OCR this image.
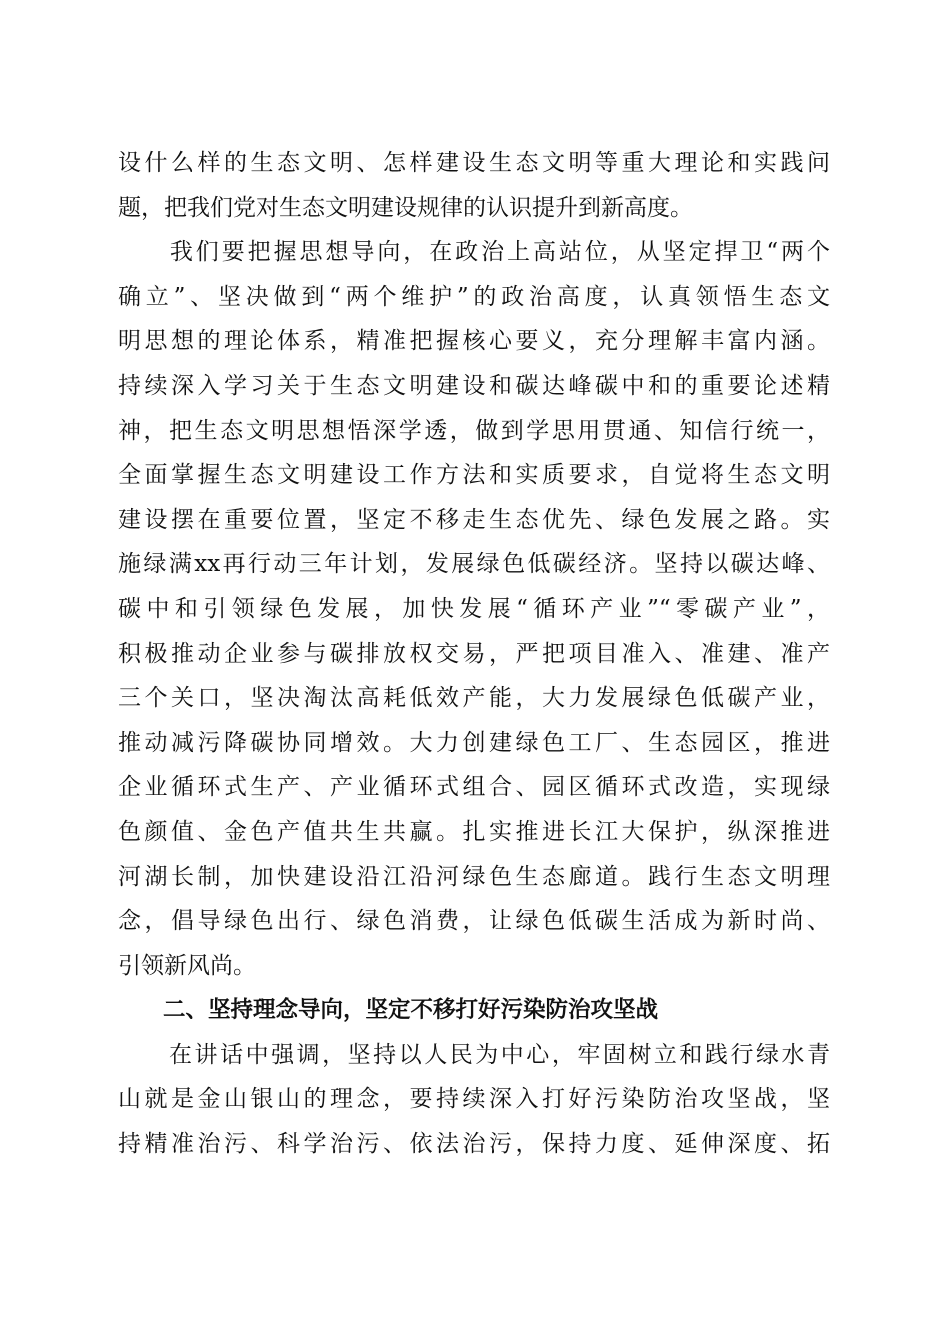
设什么样的生态文明、怎样建设生态文明等重大理论和实践问
题，把我们党对生态文明建设规律的认识提升到新高度。
　　我们要把握思想导向，在政治上高站位，从坚定捍卫“两个
确立”、坚决做到“两个维护”的政治高度，认真领悟生态文
明思想的理论体系，精准把握核心要义，充分理解丰富内涵。
持续深入学习关于生态文明建设和碳达峰碳中和的重要论述精
神，把生态文明思想悟深学透，做到学思用贯通、知信行统一，
全面掌握生态文明建设工作方法和实质要求，自觉将生态文明
建设摆在重要位置，坚定不移走生态优先、绿色发展之路。实
施绿满xx再行动三年计划，发展绿色低碳经济。坚持以碳达峰、
碳中和引领绿色发展，加快发展“循环产业”“零碳产业”，
积极推动企业参与碳排放权交易，严把项目准入、准建、准产
三个关口，坚决淘汰高耗低效产能，大力发展绿色低碳产业，
推动减污降碳协同增效。大力创建绿色工厂、生态园区，推进
企业循环式生产、产业循环式组合、园区循环式改造，实现绿
色颜值、金色产值共生共赢。扎实推进长江大保护，纵深推进
河湖长制，加快建设沿江沿河绿色生态廊道。践行生态文明理
念，倡导绿色出行、绿色消费，让绿色低碳生活成为新时尚、
引领新风尚。
　　二、坚持理念导向，坚定不移打好污染防治攻坚战
　　在讲话中强调，坚持以人民为中心，牢固树立和践行绿水青
山就是金山银山的理念，要持续深入打好污染防治攻坚战，坚
持精准治污、科学治污、依法治污，保持力度、延伸深度、拓
